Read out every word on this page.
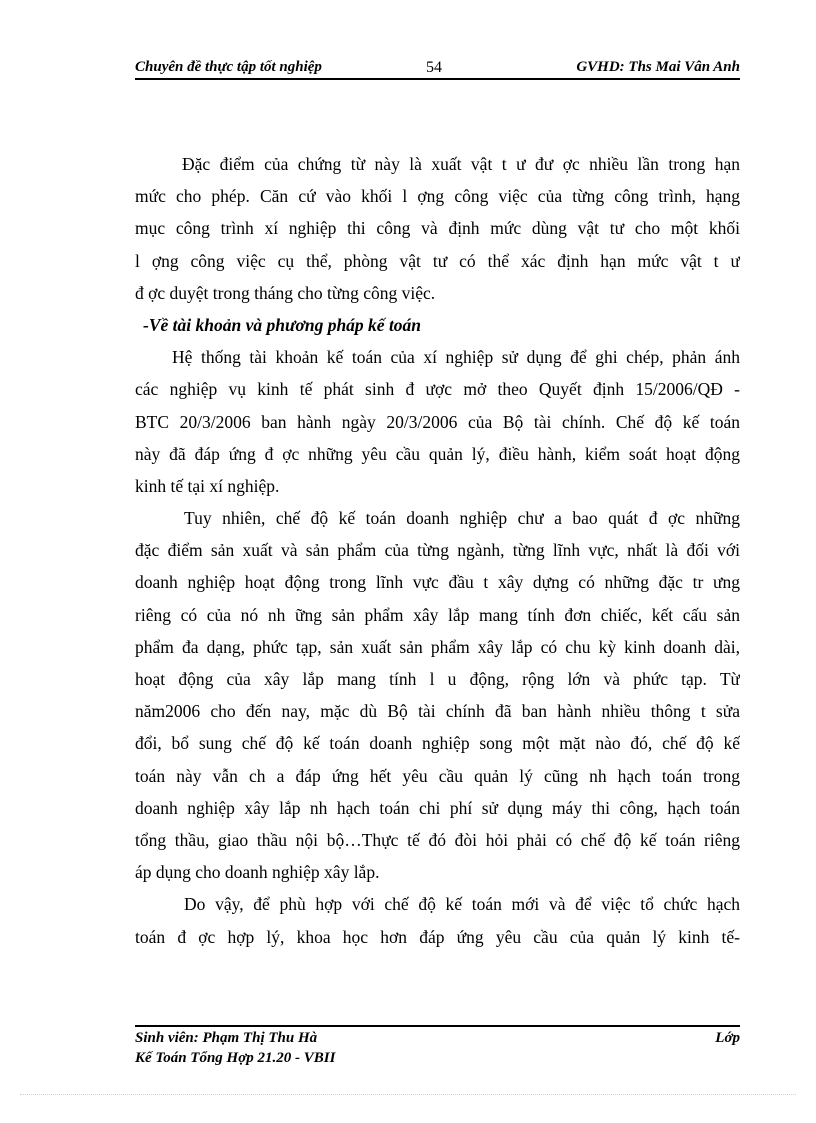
Chuyên đề thực tập tốt nghiệp	54	GVHD: Ths Mai Vân Anh
Đặc điểm của chứng từ này là xuất vật t ư đư ợc nhiều lần trong hạn
mức cho phép. Căn cứ vào khối l ợng công việc của từng công trình, hạng
mục công trình xí nghiệp thi công và định mức dùng vật tư cho một khối
l ợng công việc cụ thể, phòng vật tư có thể xác định hạn mức vật t ư
đ ợc duyệt trong tháng cho từng công việc.
-Về tài khoản và phương pháp kế toán
Hệ thống tài khoản kế toán của xí nghiệp sử dụng để ghi chép, phản ánh
các nghiệp vụ kinh tế phát sinh đ ược mở theo Quyết định 15/2006/QĐ -
BTC 20/3/2006 ban hành ngày 20/3/2006 của Bộ tài chính. Chế độ kế toán
này đã đáp ứng đ ợc những yêu cầu quản lý, điều hành, kiểm soát hoạt động
kinh tế tại xí nghiệp.
Tuy nhiên, chế độ kế toán doanh nghiệp chư a bao quát đ ợc những
đặc điểm sản xuất và sản phẩm của từng ngành, từng lĩnh vực, nhất là đối với
doanh nghiệp hoạt động trong lĩnh vực đầu t xây dựng có những đặc tr ưng
riêng có của nó nh ững sản phẩm xây lắp mang tính đơn chiếc, kết cấu sản
phẩm đa dạng, phức tạp, sản xuất sản phẩm xây lắp có chu kỳ kinh doanh dài,
hoạt động của xây lắp mang tính l u động, rộng lớn và phức tạp. Từ
năm2006 cho đến nay, mặc dù Bộ tài chính đã ban hành nhiều thông t sửa
đổi, bổ sung chế độ kế toán doanh nghiệp song một mặt nào đó, chế độ kế
toán này vẫn ch a đáp ứng hết yêu cầu quản lý cũng nh hạch toán trong
doanh nghiệp xây lắp nh hạch toán chi phí sử dụng máy thi công, hạch toán
tổng thầu, giao thầu nội bộ…Thực tế đó đòi hỏi phải có chế độ kế toán riêng
áp dụng cho doanh nghiệp xây lắp.
Do vậy, để phù hợp với chế độ kế toán mới và để việc tổ chức hạch
toán đ ợc hợp lý, khoa học hơn đáp ứng yêu cầu của quản lý kinh tế-
Sinh viên: Phạm Thị Thu Hà	Lớp
Kế Toán Tổng Hợp 21.20 - VBII
